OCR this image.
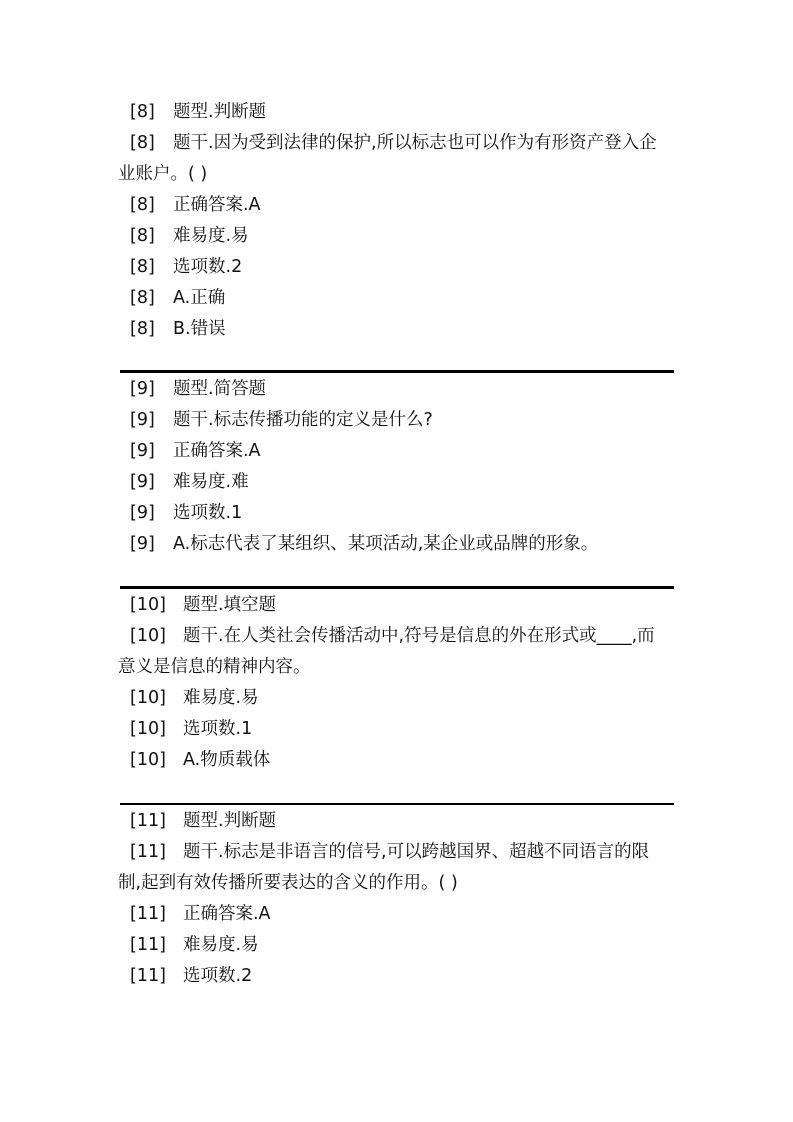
[8] 题型.判断题
[8] 题干.因为受到法律的保护,所以标志也可以作为有形资产登入企
业账户。( )
[8] 正确答案.A
[8] 难易度.易
[8] 选项数.2
[8] A.正确
[8] B.错误
[9] 题型.简答题
[9] 题干.标志传播功能的定义是什么?
[9] 正确答案.A
[9] 难易度.难
[9] 选项数.1
[9] A.标志代表了某组织、某项活动,某企业或品牌的形象。
[10] 题型.填空题
[10] 题干.在人类社会传播活动中,符号是信息的外在形式或____,而
意义是信息的精神内容。
[10] 难易度.易
[10] 选项数.1
[10] A.物质载体
[11] 题型.判断题
[11] 题干.标志是非语言的信号,可以跨越国界、超越不同语言的限
制,起到有效传播所要表达的含义的作用。( )
[11] 正确答案.A
[11] 难易度.易
[11] 选项数.2
